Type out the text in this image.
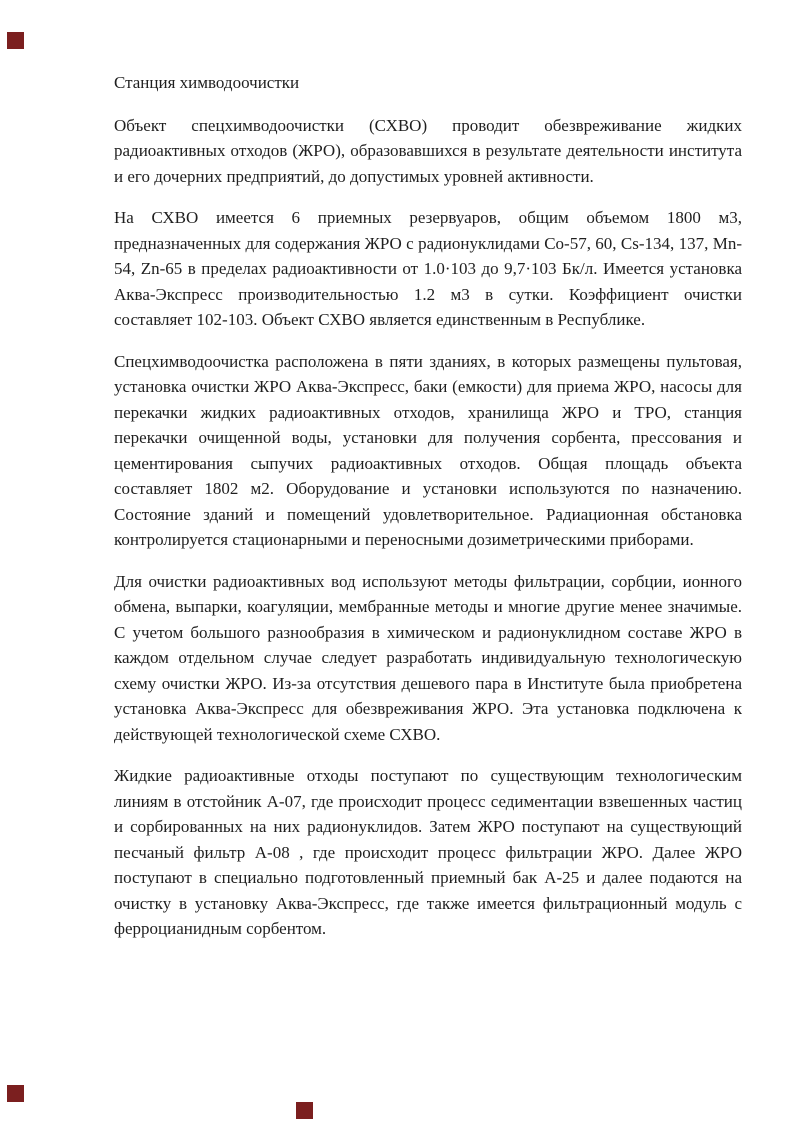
Станция химводоочистки

Объект спецхимводоочистки (СХВО) проводит обезвреживание жидких радиоактивных отходов (ЖРО), образовавшихся в результате деятельности института и его дочерних предприятий, до допустимых уровней активности.

На СХВО имеется 6 приемных резервуаров, общим объемом 1800 м3, предназначенных для содержания ЖРО с радионуклидами Co-57, 60, Cs-134, 137, Mn-54, Zn-65 в пределах радиоактивности от 1.0·103 до 9,7·103 Бк/л. Имеется установка Аква-Экспресс производительностью 1.2 м3 в сутки. Коэффициент очистки составляет 102-103. Объект СХВО является единственным в Республике.

Спецхимводоочистка расположена в пяти зданиях, в которых размещены пультовая, установка очистки ЖРО Аква-Экспресс, баки (емкости) для приема ЖРО, насосы для перекачки жидких радиоактивных отходов, хранилища ЖРО и ТРО, станция перекачки очищенной воды, установки для получения сорбента, прессования и цементирования сыпучих радиоактивных отходов. Общая площадь объекта составляет 1802 м2. Оборудование и установки используются по назначению. Состояние зданий и помещений удовлетворительное. Радиационная обстановка контролируется стационарными и переносными дозиметрическими приборами.

Для очистки радиоактивных вод используют методы фильтрации, сорбции, ионного обмена, выпарки, коагуляции, мембранные методы и многие другие менее значимые. С учетом большого разнообразия в химическом и радионуклидном составе ЖРО в каждом отдельном случае следует разработать индивидуальную технологическую схему очистки ЖРО. Из-за отсутствия дешевого пара в Институте была приобретена установка Аква-Экспресс для обезвреживания ЖРО. Эта установка подключена к действующей технологической схеме СХВО.

Жидкие радиоактивные отходы поступают по существующим технологическим линиям в отстойник А-07, где происходит процесс седиментации взвешенных частиц и сорбированных на них радионуклидов. Затем ЖРО поступают на существующий песчаный фильтр А-08 , где происходит процесс фильтрации ЖРО. Далее ЖРО поступают в специально подготовленный приемный бак А-25 и далее подаются на очистку в установку Аква-Экспресс, где также имеется фильтрационный модуль с ферроцианидным сорбентом.
